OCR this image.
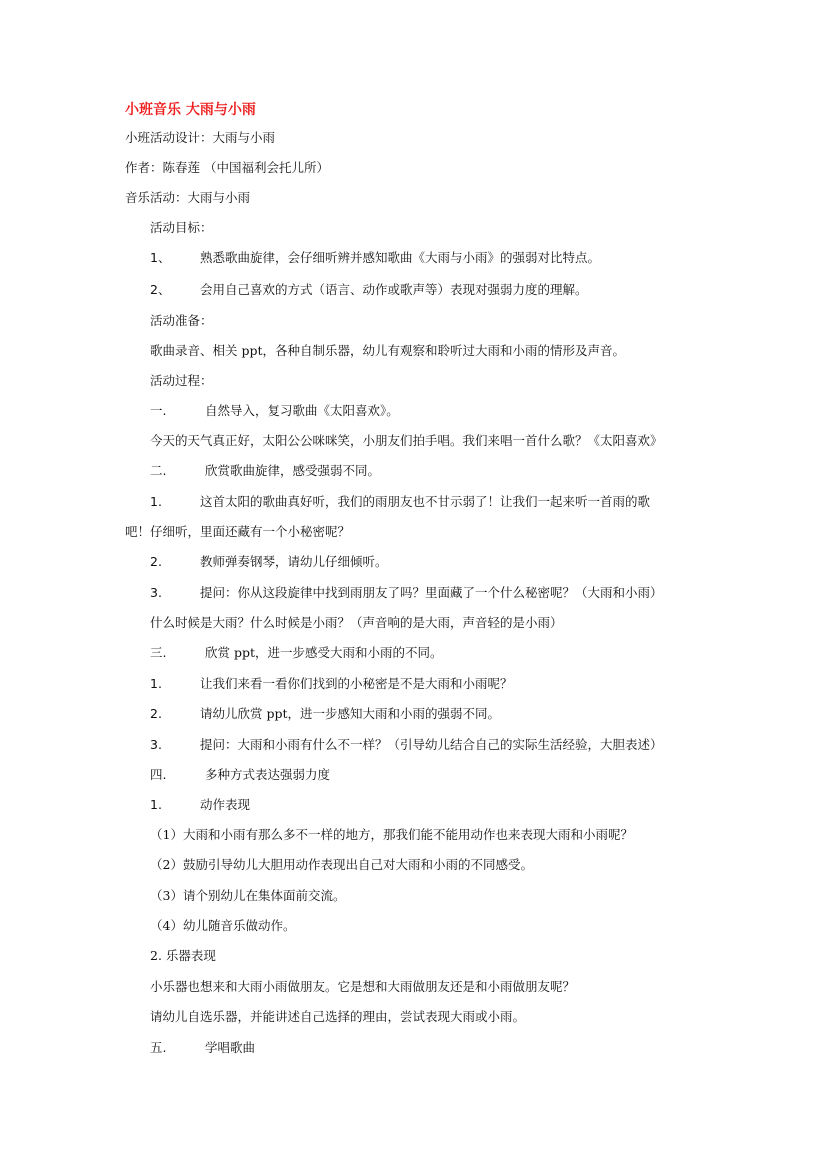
小班音乐 大雨与小雨
小班活动设计：大雨与小雨
作者：陈春莲 （中国福利会托儿所）
音乐活动：大雨与小雨
活动目标：
1、 熟悉歌曲旋律，会仔细听辨并感知歌曲《大雨与小雨》的强弱对比特点。
2、 会用自己喜欢的方式（语言、动作或歌声等）表现对强弱力度的理解。
活动准备：
歌曲录音、相关 ppt，各种自制乐器，幼儿有观察和聆听过大雨和小雨的情形及声音。
活动过程：
一.	自然导入，复习歌曲《太阳喜欢》。
今天的天气真正好，太阳公公咪咪笑，小朋友们拍手唱。我们来唱一首什么歌？《太阳喜欢》
二.	欣赏歌曲旋律，感受强弱不同。
1.	这首太阳的歌曲真好听，我们的雨朋友也不甘示弱了！让我们一起来听一首雨的歌
吧！仔细听，里面还藏有一个小秘密呢？
2.	教师弹奏钢琴，请幼儿仔细倾听。
3.	提问：你从这段旋律中找到雨朋友了吗？里面藏了一个什么秘密呢？（大雨和小雨）
什么时候是大雨？什么时候是小雨？（声音响的是大雨，声音轻的是小雨）
三.	欣赏 ppt，进一步感受大雨和小雨的不同。
1.	让我们来看一看你们找到的小秘密是不是大雨和小雨呢？
2.	请幼儿欣赏 ppt，进一步感知大雨和小雨的强弱不同。
3.	提问：大雨和小雨有什么不一样？（引导幼儿结合自己的实际生活经验，大胆表述）
四.	多种方式表达强弱力度
1.	动作表现
（1）大雨和小雨有那么多不一样的地方，那我们能不能用动作也来表现大雨和小雨呢？
（2）鼓励引导幼儿大胆用动作表现出自己对大雨和小雨的不同感受。
（3）请个别幼儿在集体面前交流。
（4）幼儿随音乐做动作。
2. 乐器表现
小乐器也想来和大雨小雨做朋友。它是想和大雨做朋友还是和小雨做朋友呢？
请幼儿自选乐器，并能讲述自己选择的理由，尝试表现大雨或小雨。
五.	学唱歌曲
